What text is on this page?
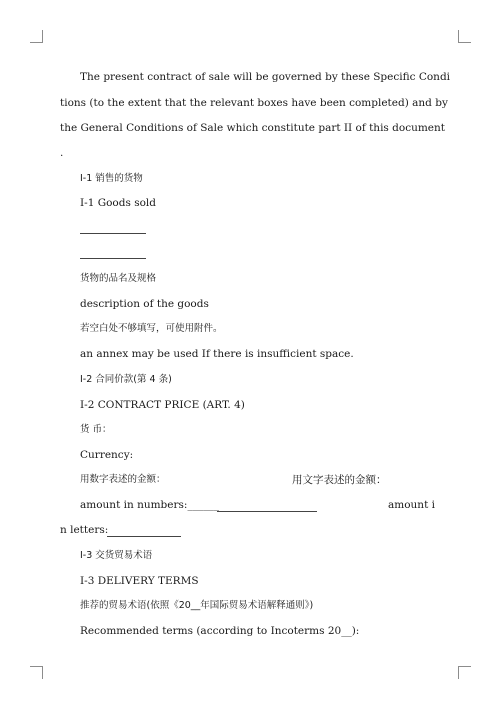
The present contract of sale will be governed by these Specific Condi
tions (to the extent that the relevant boxes have been completed) and by
the General Conditions of Sale which constitute part II of this document
.
I-1 销售的货物
I-1 Goods sold
货物的品名及规格
description of the goods
若空白处不够填写，可使用附件。
an annex may be used If there is insufficient space.
I-2 合同价款(第 4 条)
I-2 CONTRACT PRICE (ART. 4)
货 币：
Currency:
用数字表述的金额：	用文字表述的金额：
amount in numbers:______	amount i
n letters:
I-3 交货贸易术语
I-3 DELIVERY TERMS
推荐的贸易术语(依照《20__年国际贸易术语解释通则》)
Recommended terms (according to Incoterms 20__):
